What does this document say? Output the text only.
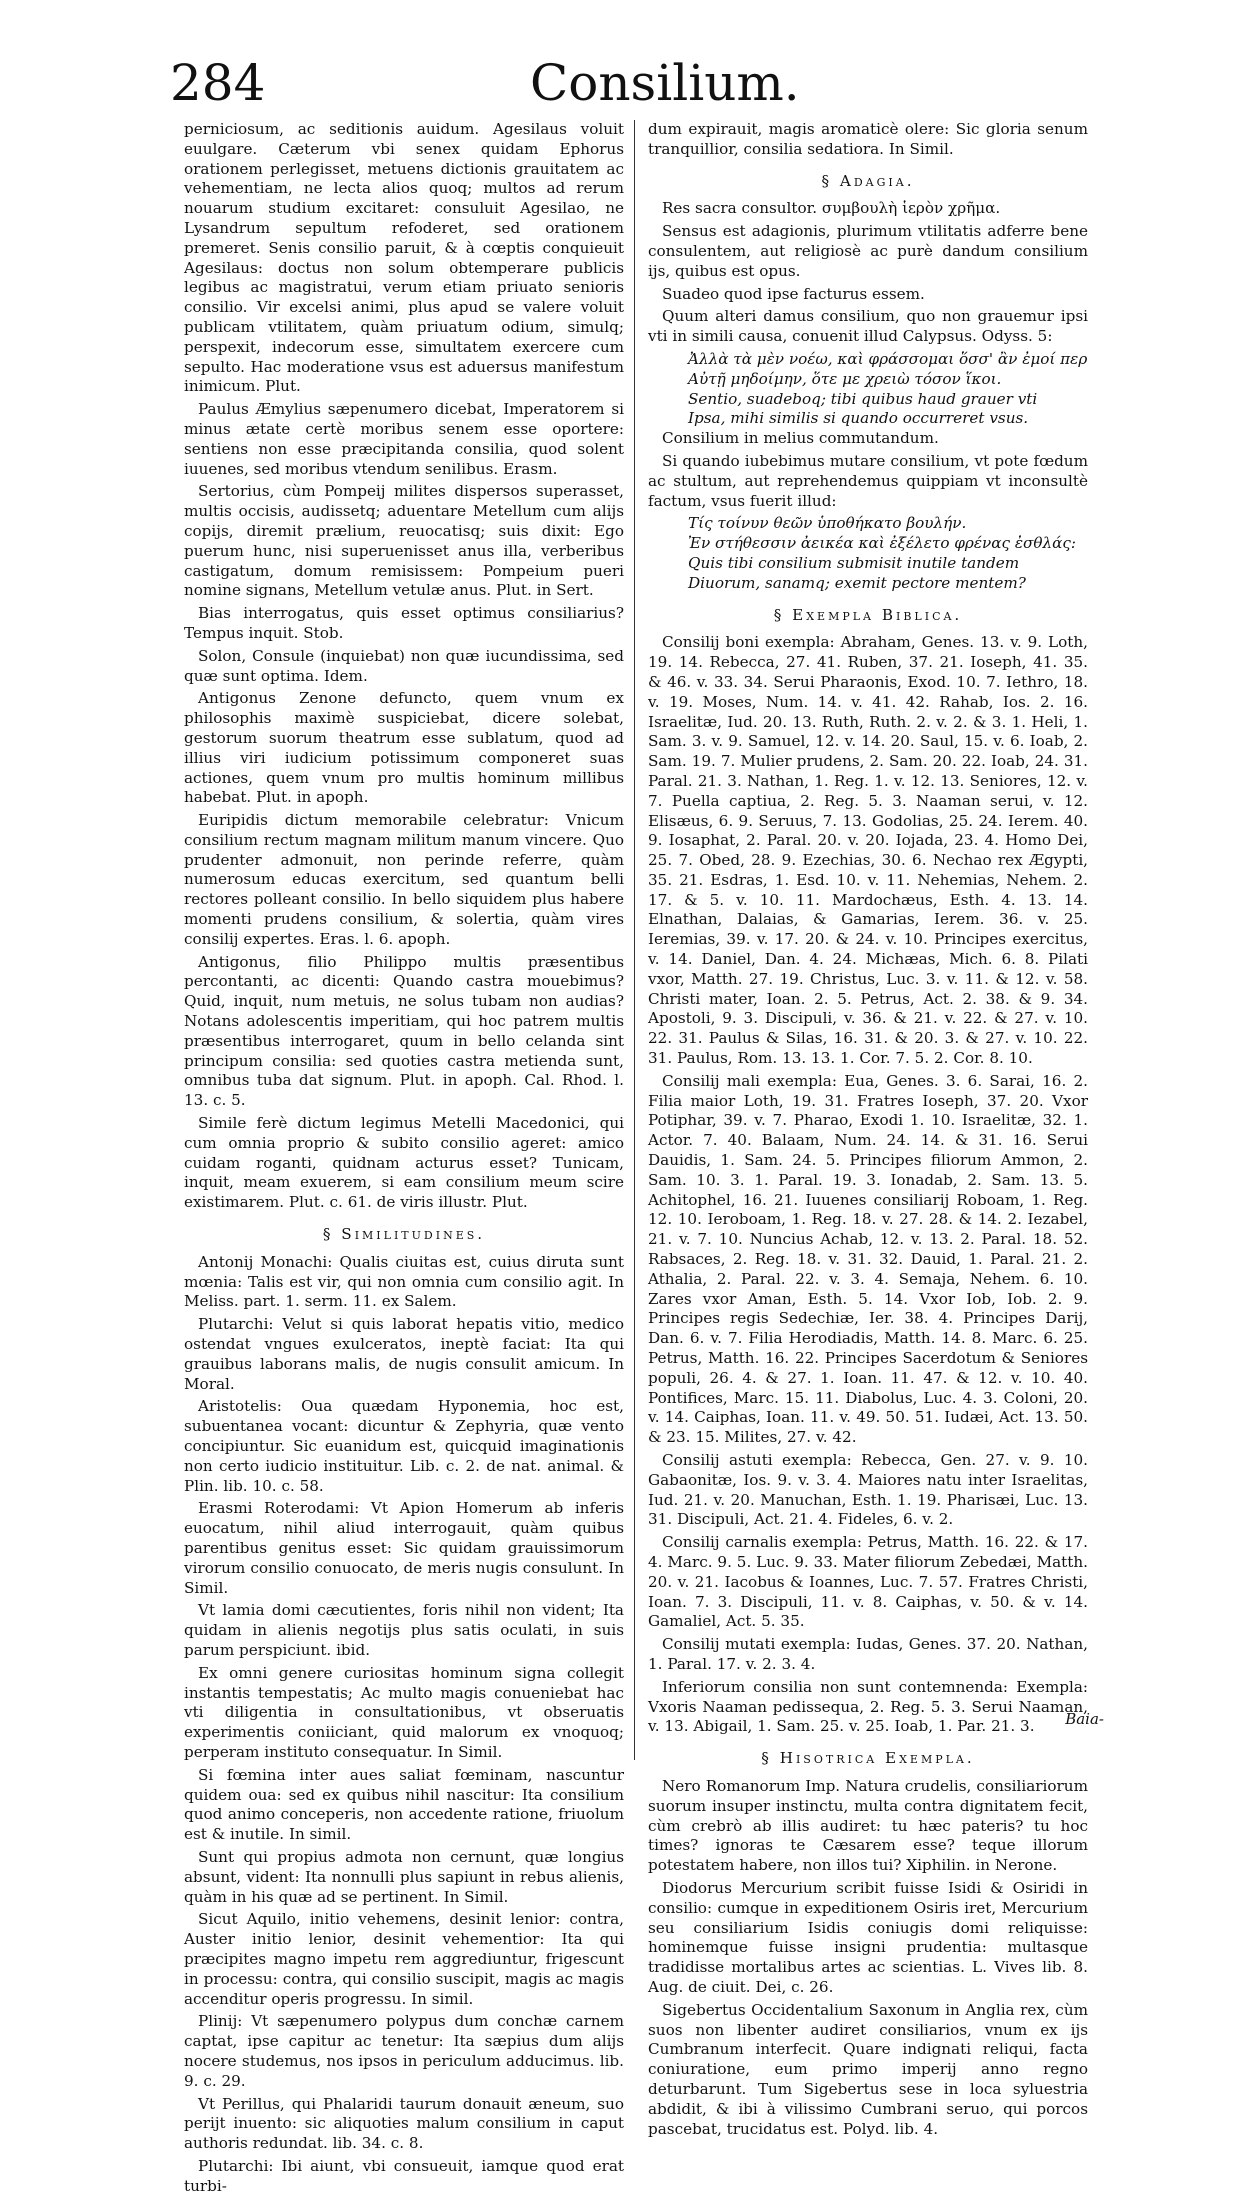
284	Consilium.

perniciosum, ac seditionis auidum. Agesilaus voluit euulgare. Cæterum vbi senex quidam Ephorus orationem perlegisset, metuens dictionis grauitatem ac vehementiam, ne lecta alios quoq; multos ad rerum nouarum studium excitaret: consuluit Agesilao, ne Lysandrum sepultum refoderet, sed orationem premeret. Senis consilio paruit, & à cœptis conquieuit Agesilaus: doctus non solum obtemperare publicis legibus ac magistratui, verum etiam priuato senioris consilio. Vir excelsi animi, plus apud se valere voluit publicam vtilitatem, quàm priuatum odium, simulq; perspexit, indecorum esse, simultatem exercere cum sepulto. Hac moderatione vsus est aduersus manifestum inimicum. Plut.

Paulus Æmylius sæpenumero dicebat, Imperatorem si minus ætate certè moribus senem esse oportere: sentiens non esse præcipitanda consilia, quod solent iuuenes, sed moribus vtendum senilibus. Erasm.

Sertorius, cùm Pompeij milites dispersos superasset, multis occisis, audissetq; aduentare Metellum cum alijs copijs, diremit prælium, reuocatisq; suis dixit: Ego puerum hunc, nisi superuenisset anus illa, verberibus castigatum, domum remisissem: Pompeium pueri nomine signans, Metellum vetulæ anus. Plut. in Sert.

Bias interrogatus, quis esset optimus consiliarius? Tempus inquit. Stob.

Solon, Consule (inquiebat) non quæ iucundissima, sed quæ sunt optima. Idem.

Antigonus Zenone defuncto, quem vnum ex philosophis maximè suspiciebat, dicere solebat, gestorum suorum theatrum esse sublatum, quod ad illius viri iudicium potissimum componeret suas actiones, quem vnum pro multis hominum millibus habebat. Plut. in apoph.

Euripidis dictum memorabile celebratur: Vnicum consilium rectum magnam militum manum vincere. Quo prudenter admonuit, non perinde referre, quàm numerosum educas exercitum, sed quantum belli rectores polleant consilio. In bello siquidem plus habere momenti prudens consilium, & solertia, quàm vires consilij expertes. Eras. l. 6. apoph.

Antigonus, filio Philippo multis præsentibus percontanti, ac dicenti: Quando castra mouebimus? Quid, inquit, num metuis, ne solus tubam non audias? Notans adolescentis imperitiam, qui hoc patrem multis præsentibus interrogaret, quum in bello celanda sint principum consilia: sed quoties castra metienda sunt, omnibus tuba dat signum. Plut. in apoph. Cal. Rhod. l. 13. c. 5.

Simile ferè dictum legimus Metelli Macedonici, qui cum omnia proprio & subito consilio ageret: amico cuidam roganti, quidnam acturus esset? Tunicam, inquit, meam exuerem, si eam consilium meum scire existimarem. Plut. c. 61. de viris illustr. Plut.

§ Similitudines.

Antonij Monachi: Qualis ciuitas est, cuius diruta sunt mœnia: Talis est vir, qui non omnia cum consilio agit. In Meliss. part. 1. serm. 11. ex Salem.

Plutarchi: Velut si quis laborat hepatis vitio, medico ostendat vngues exulceratos, ineptè faciat: Ita qui grauibus laborans malis, de nugis consulit amicum. In Moral.

Aristotelis: Oua quædam Hyponemia, hoc est, subuentanea vocant: dicuntur & Zephyria, quæ vento concipiuntur. Sic euanidum est, quicquid imaginationis non certo iudicio instituitur. Lib. c. 2. de nat. animal. & Plin. lib. 10. c. 58.

Erasmi Roterodami: Vt Apion Homerum ab inferis euocatum, nihil aliud interrogauit, quàm quibus parentibus genitus esset: Sic quidam grauissimorum virorum consilio conuocato, de meris nugis consulunt. In Simil.

Vt lamia domi cæcutientes, foris nihil non vident; Ita quidam in alienis negotijs plus satis oculati, in suis parum perspiciunt. ibid.

Ex omni genere curiositas hominum signa collegit instantis tempestatis; Ac multo magis conueniebat hac vti diligentia in consultationibus, vt obseruatis experimentis coniiciant, quid malorum ex vnoquoq; perperam instituto consequatur. In Simil.

Si fœmina inter aues saliat fœminam, nascuntur quidem oua: sed ex quibus nihil nascitur: Ita consilium quod animo conceperis, non accedente ratione, friuolum est & inutile. In simil.

Sunt qui propius admota non cernunt, quæ longius absunt, vident: Ita nonnulli plus sapiunt in rebus alienis, quàm in his quæ ad se pertinent. In Simil.

Sicut Aquilo, initio vehemens, desinit lenior: contra, Auster initio lenior, desinit vehementior: Ita qui præcipites magno impetu rem aggrediuntur, frigescunt in processu: contra, qui consilio suscipit, magis ac magis accenditur operis progressu. In simil.

Plinij: Vt sæpenumero polypus dum conchæ carnem captat, ipse capitur ac tenetur: Ita sæpius dum alijs nocere studemus, nos ipsos in periculum adducimus. lib. 9. c. 29.

Vt Perillus, qui Phalaridi taurum donauit æneum, suo perijt inuento: sic aliquoties malum consilium in caput authoris redundat. lib. 34. c. 8.

Plutarchi: Ibi aiunt, vbi consueuit, iamque quod erat turbi-

dum expirauit, magis aromaticè olere: Sic gloria senum tranquillior, consilia sedatiora. In Simil.

§ Adagia.

Res sacra consultor. συμβουλὴ ἱερὸν χρῆμα.

Sensus est adagionis, plurimum vtilitatis adferre bene consulentem, aut religiosè ac purè dandum consilium ijs, quibus est opus.

Suadeo quod ipse facturus essem.

Quum alteri damus consilium, quo non grauemur ipsi vti in simili causa, conuenit illud Calypsus. Odyss. 5:

Ἀλλὰ τὰ μὲν νοέω, καὶ φράσσομαι ὅσσ' ἂν ἐμοί περ

Αὐτῇ μηδοίμην, ὅτε με χρειὼ τόσον ἵκοι.

Sentio, suadeboq; tibi quibus haud grauer vti

Ipsa, mihi similis si quando occurreret vsus.

Consilium in melius commutandum.

Si quando iubebimus mutare consilium, vt pote fœdum ac stultum, aut reprehendemus quippiam vt inconsultè factum, vsus fuerit illud:

Τίς τοίνυν θεῶν ὑποθήκατο βουλήν.

Ἐν στήθεσσιν ἀεικέα καὶ ἐξέλετο φρένας ἐσθλάς:

Quis tibi consilium submisit inutile tandem

Diuorum, sanamq; exemit pectore mentem?

§ Exempla Biblica.

Consilij boni exempla: Abraham, Genes. 13. v. 9. Loth, 19. 14. Rebecca, 27. 41. Ruben, 37. 21. Ioseph, 41. 35. & 46. v. 33. 34. Serui Pharaonis, Exod. 10. 7. Iethro, 18. v. 19. Moses, Num. 14. v. 41. 42. Rahab, Ios. 2. 16. Israelitæ, Iud. 20. 13. Ruth, Ruth. 2. v. 2. & 3. 1. Heli, 1. Sam. 3. v. 9. Samuel, 12. v. 14. 20. Saul, 15. v. 6. Ioab, 2. Sam. 19. 7. Mulier prudens, 2. Sam. 20. 22. Ioab, 24. 31. Paral. 21. 3. Nathan, 1. Reg. 1. v. 12. 13. Seniores, 12. v. 7. Puella captiua, 2. Reg. 5. 3. Naaman serui, v. 12. Elisæus, 6. 9. Seruus, 7. 13. Godolias, 25. 24. Ierem. 40. 9. Iosaphat, 2. Paral. 20. v. 20. Iojada, 23. 4. Homo Dei, 25. 7. Obed, 28. 9. Ezechias, 30. 6. Nechao rex Ægypti, 35. 21. Esdras, 1. Esd. 10. v. 11. Nehemias, Nehem. 2. 17. & 5. v. 10. 11. Mardochæus, Esth. 4. 13. 14. Elnathan, Dalaias, & Gamarias, Ierem. 36. v. 25. Ieremias, 39. v. 17. 20. & 24. v. 10. Principes exercitus, v. 14. Daniel, Dan. 4. 24. Michæas, Mich. 6. 8. Pilati vxor, Matth. 27. 19. Christus, Luc. 3. v. 11. & 12. v. 58. Christi mater, Ioan. 2. 5. Petrus, Act. 2. 38. & 9. 34. Apostoli, 9. 3. Discipuli, v. 36. & 21. v. 22. & 27. v. 10. 22. 31. Paulus & Silas, 16. 31. & 20. 3. & 27. v. 10. 22. 31. Paulus, Rom. 13. 13. 1. Cor. 7. 5. 2. Cor. 8. 10.

Consilij mali exempla: Eua, Genes. 3. 6. Sarai, 16. 2. Filia maior Loth, 19. 31. Fratres Ioseph, 37. 20. Vxor Potiphar, 39. v. 7. Pharao, Exodi 1. 10. Israelitæ, 32. 1. Actor. 7. 40. Balaam, Num. 24. 14. & 31. 16. Serui Dauidis, 1. Sam. 24. 5. Principes filiorum Ammon, 2. Sam. 10. 3. 1. Paral. 19. 3. Ionadab, 2. Sam. 13. 5. Achitophel, 16. 21. Iuuenes consiliarij Roboam, 1. Reg. 12. 10. Ieroboam, 1. Reg. 18. v. 27. 28. & 14. 2. Iezabel, 21. v. 7. 10. Nuncius Achab, 12. v. 13. 2. Paral. 18. 52. Rabsaces, 2. Reg. 18. v. 31. 32. Dauid, 1. Paral. 21. 2. Athalia, 2. Paral. 22. v. 3. 4. Semaja, Nehem. 6. 10. Zares vxor Aman, Esth. 5. 14. Vxor Iob, Iob. 2. 9. Principes regis Sedechiæ, Ier. 38. 4. Principes Darij, Dan. 6. v. 7. Filia Herodiadis, Matth. 14. 8. Marc. 6. 25. Petrus, Matth. 16. 22. Principes Sacerdotum & Seniores populi, 26. 4. & 27. 1. Ioan. 11. 47. & 12. v. 10. 40. Pontifices, Marc. 15. 11. Diabolus, Luc. 4. 3. Coloni, 20. v. 14. Caiphas, Ioan. 11. v. 49. 50. 51. Iudæi, Act. 13. 50. & 23. 15. Milites, 27. v. 42.

Consilij astuti exempla: Rebecca, Gen. 27. v. 9. 10. Gabaonitæ, Ios. 9. v. 3. 4. Maiores natu inter Israelitas, Iud. 21. v. 20. Manuchan, Esth. 1. 19. Pharisæi, Luc. 13. 31. Discipuli, Act. 21. 4. Fideles, 6. v. 2.

Consilij carnalis exempla: Petrus, Matth. 16. 22. & 17. 4. Marc. 9. 5. Luc. 9. 33. Mater filiorum Zebedæi, Matth. 20. v. 21. Iacobus & Ioannes, Luc. 7. 57. Fratres Christi, Ioan. 7. 3. Discipuli, 11. v. 8. Caiphas, v. 50. & v. 14. Gamaliel, Act. 5. 35.

Consilij mutati exempla: Iudas, Genes. 37. 20. Nathan, 1. Paral. 17. v. 2. 3. 4.

Inferiorum consilia non sunt contemnenda: Exempla: Vxoris Naaman pedissequa, 2. Reg. 5. 3. Serui Naaman, v. 13. Abigail, 1. Sam. 25. v. 25. Ioab, 1. Par. 21. 3.

§ Hisotrica Exempla.

Nero Romanorum Imp. Natura crudelis, consiliariorum suorum insuper instinctu, multa contra dignitatem fecit, cùm crebrò ab illis audiret: tu hæc pateris? tu hoc times? ignoras te Cæsarem esse? teque illorum potestatem habere, non illos tui? Xiphilin. in Nerone.

Diodorus Mercurium scribit fuisse Isidi & Osiridi in consilio: cumque in expeditionem Osiris iret, Mercurium seu consiliarium Isidis coniugis domi reliquisse: hominemque fuisse insigni prudentia: multasque tradidisse mortalibus artes ac scientias. L. Vives lib. 8. Aug. de ciuit. Dei, c. 26.

Sigebertus Occidentalium Saxonum in Anglia rex, cùm suos non libenter audiret consiliarios, vnum ex ijs Cumbranum interfecit. Quare indignati reliqui, facta coniuratione, eum primo imperij anno regno deturbarunt. Tum Sigebertus sese in loca syluestria abdidit, & ibi à vilissimo Cumbrani seruo, qui porcos pascebat, trucidatus est. Polyd. lib. 4.

Baia-
